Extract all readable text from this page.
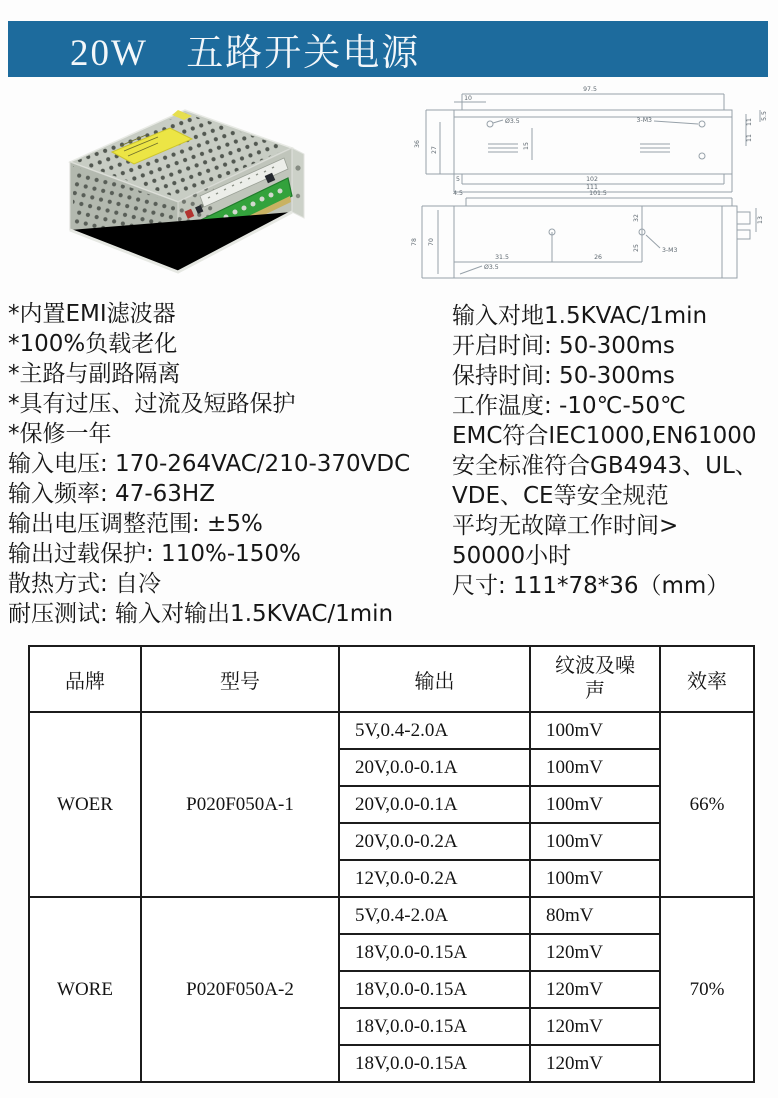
20W　五路开关电源
97.5
10
36
27
Ø3.5	3-M3
15
102
5
111
11
11
5.5
101.5
4.5
78 70
32
25
31.5	26
Ø3.5
3-M3
13
*内置EMI滤波器
*100%负载老化
*主路与副路隔离
*具有过压、过流及短路保护
*保修一年
输入电压: 170-264VAC/210-370VDC
输入频率: 47-63HZ
输出电压调整范围: ±5%
输出过载保护: 110%-150%
散热方式: 自冷
耐压测试: 输入对输出1.5KVAC/1min
输入对地1.5KVAC/1min
开启时间: 50-300ms
保持时间: 50-300ms
工作温度: -10℃-50℃
EMC符合IEC1000,EN61000
安全标准符合GB4943、UL、
VDE、CE等安全规范
平均无故障工作时间>
50000小时
尺寸: 111*78*36（mm）
品牌	型号	输出	纹波及噪声	效率
WOER	P020F050A-1	5V,0.4-2.0A	100mV	66%
		20V,0.0-0.1A	100mV	
		20V,0.0-0.1A	100mV	
		20V,0.0-0.2A	100mV	
		12V,0.0-0.2A	100mV	
WORE	P020F050A-2	5V,0.4-2.0A	80mV	70%
		18V,0.0-0.15A	120mV	
		18V,0.0-0.15A	120mV	
		18V,0.0-0.15A	120mV	
		18V,0.0-0.15A	120mV	
